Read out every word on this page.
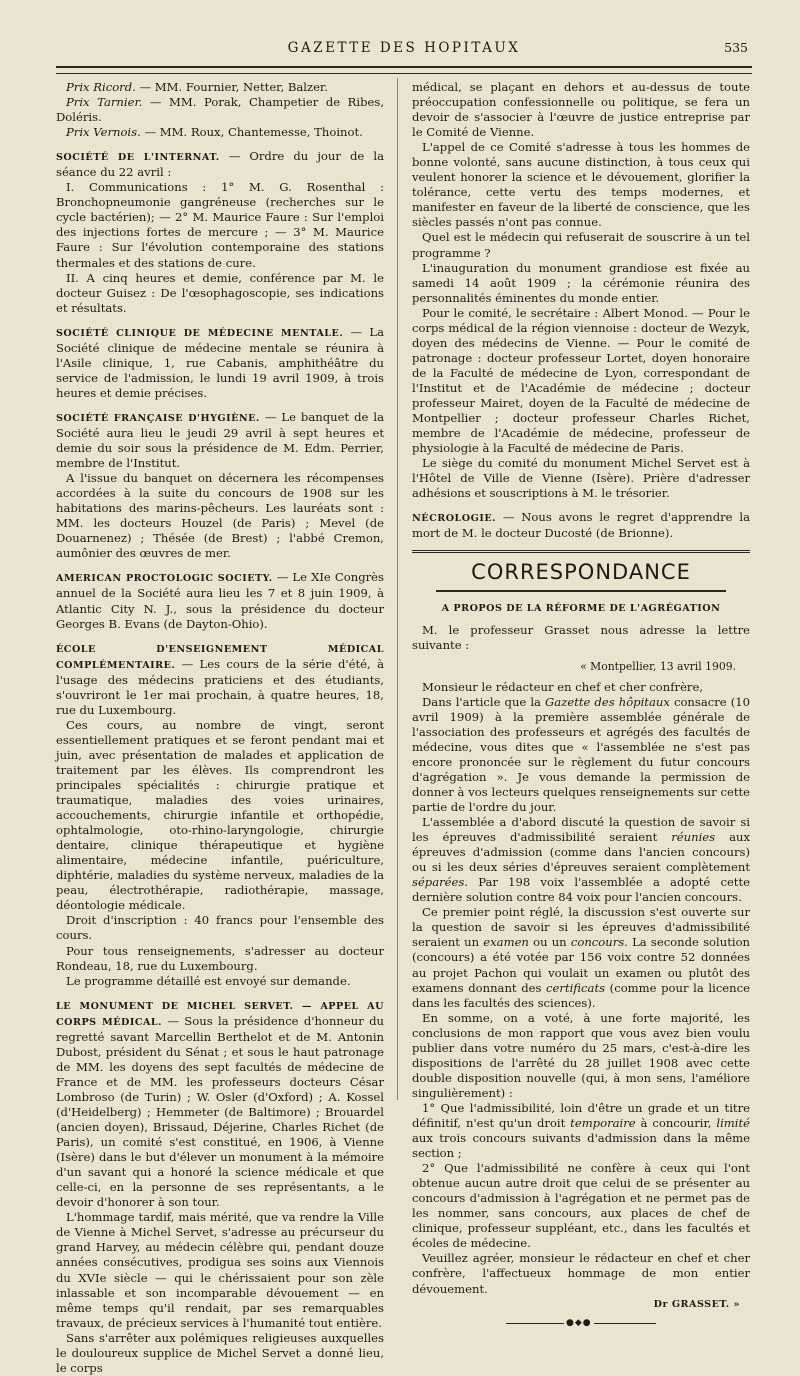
GAZETTE DES HOPITAUX	535

Prix Ricord. — MM. Fournier, Netter, Balzer.

Prix Tarnier. — MM. Porak, Champetier de Ribes, Doléris.

Prix Vernois. — MM. Roux, Chantemesse, Thoinot.

SOCIÉTÉ DE L'INTERNAT. — Ordre du jour de la séance du 22 avril :

I. Communications : 1° M. G. Rosenthal : Bronchopneumonie gangréneuse (recherches sur le cycle bactérien); — 2° M. Maurice Faure : Sur l'emploi des injections fortes de mercure ; — 3° M. Maurice Faure : Sur l'évolution contemporaine des stations thermales et des stations de cure.

II. A cinq heures et demie, conférence par M. le docteur Guisez : De l'œsophagoscopie, ses indications et résultats.

SOCIÉTÉ CLINIQUE DE MÉDECINE MENTALE. — La Société clinique de médecine mentale se réunira à l'Asile clinique, 1, rue Cabanis, amphithéâtre du service de l'admission, le lundi 19 avril 1909, à trois heures et demie précises.

SOCIÉTÉ FRANÇAISE D'HYGIÈNE. — Le banquet de la Société aura lieu le jeudi 29 avril à sept heures et demie du soir sous la présidence de M. Edm. Perrier, membre de l'Institut.

A l'issue du banquet on décernera les récompenses accordées à la suite du concours de 1908 sur les habitations des marins-pêcheurs. Les lauréats sont : MM. les docteurs Houzel (de Paris) ; Mevel (de Douarnenez) ; Thésée (de Brest) ; l'abbé Cremon, aumônier des œuvres de mer.

AMERICAN PROCTOLOGIC SOCIETY. — Le XIe Congrès annuel de la Société aura lieu les 7 et 8 juin 1909, à Atlantic City N. J., sous la présidence du docteur Georges B. Evans (de Dayton-Ohio).

ÉCOLE D'ENSEIGNEMENT MÉDICAL COMPLÉMENTAIRE. — Les cours de la série d'été, à l'usage des médecins praticiens et des étudiants, s'ouvriront le 1er mai prochain, à quatre heures, 18, rue du Luxembourg.

Ces cours, au nombre de vingt, seront essentiellement pratiques et se feront pendant mai et juin, avec présentation de malades et application de traitement par les élèves. Ils comprendront les principales spécialités : chirurgie pratique et traumatique, maladies des voies urinaires, accouchements, chirurgie infantile et orthopédie, ophtalmologie, oto-rhino-laryngologie, chirurgie dentaire, clinique thérapeutique et hygiène alimentaire, médecine infantile, puériculture, diphtérie, maladies du système nerveux, maladies de la peau, électrothérapie, radiothérapie, massage, déontologie médicale.

Droit d'inscription : 40 francs pour l'ensemble des cours.

Pour tous renseignements, s'adresser au docteur Rondeau, 18, rue du Luxembourg.

Le programme détaillé est envoyé sur demande.

LE MONUMENT DE MICHEL SERVET. — APPEL AU CORPS MÉDICAL. — Sous la présidence d'honneur du regretté savant Marcellin Berthelot et de M. Antonin Dubost, président du Sénat ; et sous le haut patronage de MM. les doyens des sept facultés de médecine de France et de MM. les professeurs docteurs César Lombroso (de Turin) ; W. Osler (d'Oxford) ; A. Kossel (d'Heidelberg) ; Hemmeter (de Baltimore) ; Brouardel (ancien doyen), Brissaud, Déjerine, Charles Richet (de Paris), un comité s'est constitué, en 1906, à Vienne (Isère) dans le but d'élever un monument à la mémoire d'un savant qui a honoré la science médicale et que celle-ci, en la personne de ses représentants, a le devoir d'honorer à son tour.

L'hommage tardif, mais mérité, que va rendre la Ville de Vienne à Michel Servet, s'adresse au précurseur du grand Harvey, au médecin célèbre qui, pendant douze années consécutives, prodigua ses soins aux Viennois du XVIe siècle — qui le chérissaient pour son zèle inlassable et son incomparable dévouement — en même temps qu'il rendait, par ses remarquables travaux, de précieux services à l'humanité tout entière.

Sans s'arrêter aux polémiques religieuses auxquelles le douloureux supplice de Michel Servet a donné lieu, le corps

médical, se plaçant en dehors et au-dessus de toute préoccupation confessionnelle ou politique, se fera un devoir de s'associer à l'œuvre de justice entreprise par le Comité de Vienne.

L'appel de ce Comité s'adresse à tous les hommes de bonne volonté, sans aucune distinction, à tous ceux qui veulent honorer la science et le dévouement, glorifier la tolérance, cette vertu des temps modernes, et manifester en faveur de la liberté de conscience, que les siècles passés n'ont pas connue.

Quel est le médecin qui refuserait de souscrire à un tel programme ?

L'inauguration du monument grandiose est fixée au samedi 14 août 1909 ; la cérémonie réunira des personnalités éminentes du monde entier.

Pour le comité, le secrétaire : Albert Monod. — Pour le corps médical de la région viennoise : docteur de Wezyk, doyen des médecins de Vienne. — Pour le comité de patronage : docteur professeur Lortet, doyen honoraire de la Faculté de médecine de Lyon, correspondant de l'Institut et de l'Académie de médecine ; docteur professeur Mairet, doyen de la Faculté de médecine de Montpellier ; docteur professeur Charles Richet, membre de l'Académie de médecine, professeur de physiologie à la Faculté de médecine de Paris.

Le siège du comité du monument Michel Servet est à l'Hôtel de Ville de Vienne (Isère). Prière d'adresser adhésions et souscriptions à M. le trésorier.

NÉCROLOGIE. — Nous avons le regret d'apprendre la mort de M. le docteur Ducosté (de Brionne).

CORRESPONDANCE

A PROPOS DE LA RÉFORME DE L'AGRÉGATION

M. le professeur Grasset nous adresse la lettre suivante :

« Montpellier, 13 avril 1909.

Monsieur le rédacteur en chef et cher confrère,

Dans l'article que la Gazette des hôpitaux consacre (10 avril 1909) à la première assemblée générale de l'association des professeurs et agrégés des facultés de médecine, vous dites que « l'assemblée ne s'est pas encore prononcée sur le règlement du futur concours d'agrégation ». Je vous demande la permission de donner à vos lecteurs quelques renseignements sur cette partie de l'ordre du jour.

L'assemblée a d'abord discuté la question de savoir si les épreuves d'admissibilité seraient réunies aux épreuves d'admission (comme dans l'ancien concours) ou si les deux séries d'épreuves seraient complètement séparées. Par 198 voix l'assemblée a adopté cette dernière solution contre 84 voix pour l'ancien concours.

Ce premier point réglé, la discussion s'est ouverte sur la question de savoir si les épreuves d'admissibilité seraient un examen ou un concours. La seconde solution (concours) a été votée par 156 voix contre 52 données au projet Pachon qui voulait un examen ou plutôt des examens donnant des certificats (comme pour la licence dans les facultés des sciences).

En somme, on a voté, à une forte majorité, les conclusions de mon rapport que vous avez bien voulu publier dans votre numéro du 25 mars, c'est-à-dire les dispositions de l'arrêté du 28 juillet 1908 avec cette double disposition nouvelle (qui, à mon sens, l'améliore singulièrement) :

1° Que l'admissibilité, loin d'être un grade et un titre définitif, n'est qu'un droit temporaire à concourir, limité aux trois concours suivants d'admission dans la même section ;

2° Que l'admissibilité ne confère à ceux qui l'ont obtenue aucun autre droit que celui de se présenter au concours d'admission à l'agrégation et ne permet pas de les nommer, sans concours, aux places de chef de clinique, professeur suppléant, etc., dans les facultés et écoles de médecine.

Veuillez agréer, monsieur le rédacteur en chef et cher confrère, l'affectueux hommage de mon entier dévouement.

Dr GRASSET. »

●◆●
